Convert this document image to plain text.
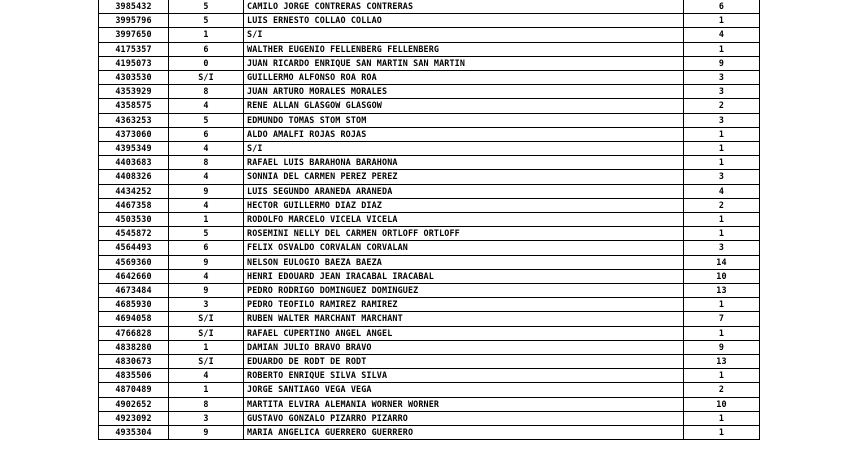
3985432	5	CAMILO JORGE CONTRERAS CONTRERAS	6
3995796	5	LUIS ERNESTO COLLAO COLLAO	1
3997650	1	S/I	4
4175357	6	WALTHER EUGENIO FELLENBERG FELLENBERG	1
4195073	0	JUAN RICARDO ENRIQUE SAN MARTIN SAN MARTIN	9
4303530	S/I	GUILLERMO ALFONSO ROA ROA	3
4353929	8	JUAN ARTURO MORALES MORALES	3
4358575	4	RENE ALLAN GLASGOW GLASGOW	2
4363253	5	EDMUNDO TOMAS STOM STOM	3
4373060	6	ALDO AMALFI ROJAS ROJAS	1
4395349	4	S/I	1
4403683	8	RAFAEL LUIS BARAHONA BARAHONA	1
4408326	4	SONNIA DEL CARMEN PEREZ PEREZ	3
4434252	9	LUIS SEGUNDO ARANEDA ARANEDA	4
4467358	4	HECTOR GUILLERMO DIAZ DIAZ	2
4503530	1	RODOLFO MARCELO VICELA VICELA	1
4545872	5	ROSEMINI NELLY DEL CARMEN ORTLOFF ORTLOFF	1
4564493	6	FELIX OSVALDO CORVALAN CORVALAN	3
4569360	9	NELSON EULOGIO BAEZA BAEZA	14
4642660	4	HENRI EDOUARD JEAN IRACABAL IRACABAL	10
4673484	9	PEDRO RODRIGO DOMINGUEZ DOMINGUEZ	13
4685930	3	PEDRO TEOFILO RAMIREZ RAMIREZ	1
4694058	S/I	RUBEN WALTER MARCHANT MARCHANT	7
4766828	S/I	RAFAEL CUPERTINO ANGEL ANGEL	1
4838280	1	DAMIAN JULIO BRAVO BRAVO	9
4830673	S/I	EDUARDO DE RODT DE RODT	13
4835506	4	ROBERTO ENRIQUE SILVA SILVA	1
4870489	1	JORGE SANTIAGO VEGA VEGA	2
4902652	8	MARTITA ELVIRA ALEMANIA WORNER WORNER	10
4923092	3	GUSTAVO GONZALO PIZARRO PIZARRO	1
4935304	9	MARIA ANGELICA GUERRERO GUERRERO	1
